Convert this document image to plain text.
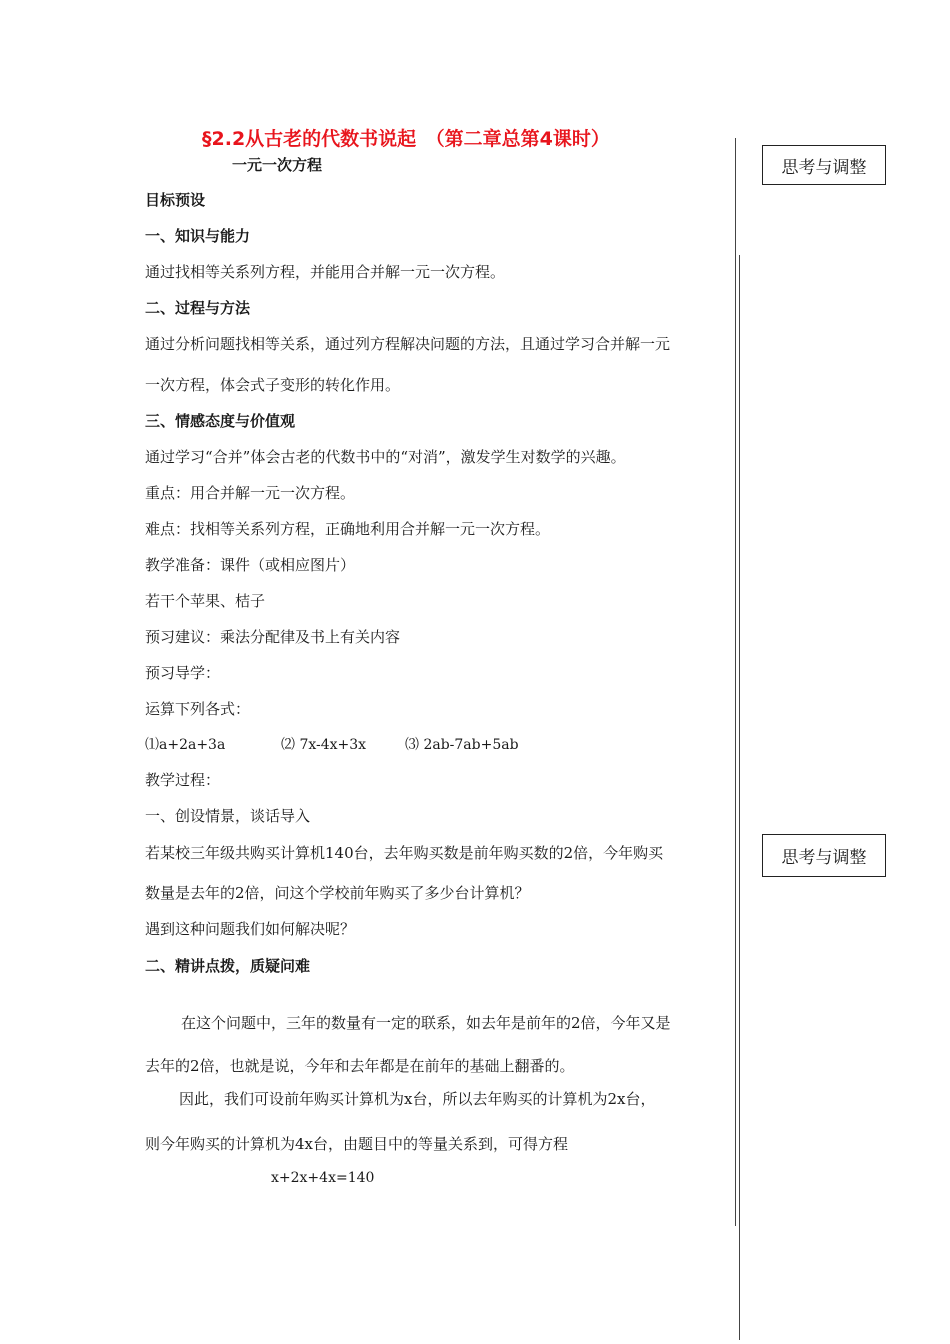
思考与调整
思考与调整
§2.2从古老的代数书说起　（第二章总第4课时）
一元一次方程
目标预设
一、知识与能力
通过找相等关系列方程，并能用合并解一元一次方程。
二、过程与方法
通过分析问题找相等关系，通过列方程解决问题的方法，且通过学习合并解一元
一次方程，体会式子变形的转化作用。
三、情感态度与价值观
通过学习“合并”体会古老的代数书中的“对消”，激发学生对数学的兴趣。
重点：用合并解一元一次方程。
难点：找相等关系列方程，正确地利用合并解一元一次方程。
教学准备：课件（或相应图片）
若干个苹果、桔子
预习建议：乘法分配律及书上有关内容
预习导学：
运算下列各式：
⑴a+2a+3a	⑵ 7x-4x+3x	⑶ 2ab-7ab+5ab
教学过程：
一、创设情景，谈话导入
若某校三年级共购买计算机140台，去年购买数是前年购买数的2倍，今年购买
数量是去年的2倍，问这个学校前年购买了多少台计算机？
遇到这种问题我们如何解决呢？
二、精讲点拨，质疑问难
在这个问题中，三年的数量有一定的联系，如去年是前年的2倍，今年又是
去年的2倍，也就是说，今年和去年都是在前年的基础上翻番的。
因此，我们可设前年购买计算机为x台，所以去年购买的计算机为2x台，
则今年购买的计算机为4x台，由题目中的等量关系到，可得方程
x+2x+4x=140
